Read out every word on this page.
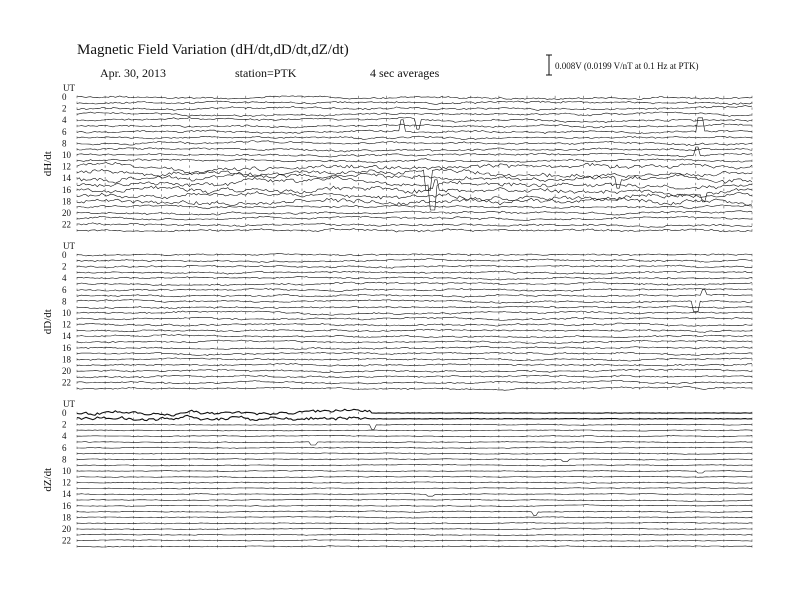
Magnetic Field Variation (dH/dt,dD/dt,dZ/dt)
Apr. 30, 2013	station=PTK	4 sec averages	0.008V (0.0199 V/nT at 0.1 Hz at PTK)
UT
dH/dt
0
2
4
6
8
10
12
14
16
18
20
22
UT
dD/dt
0
2
4
6
8
10
12
14
16
18
20
22
UT
dZ/dt
0
2
4
6
8
10
12
14
16
18
20
22
